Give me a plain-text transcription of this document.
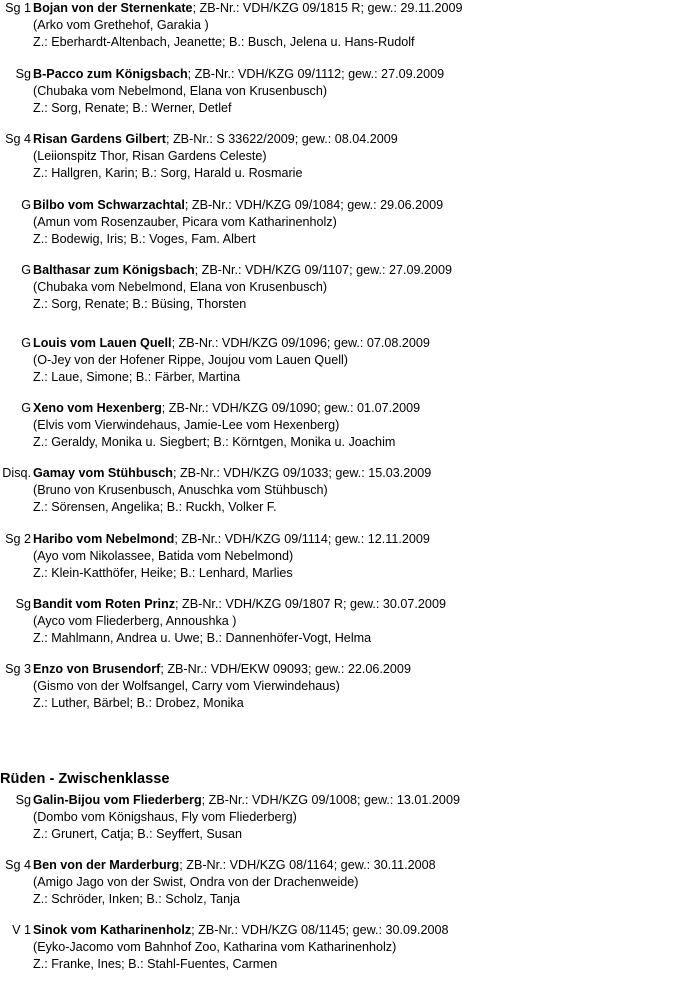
Sg 1 Bojan von der Sternenkate; ZB-Nr.: VDH/KZG 09/1815 R; gew.: 29.11.2009
(Arko vom Grethehof, Garakia )
Z.: Eberhardt-Altenbach, Jeanette; B.: Busch, Jelena u. Hans-Rudolf
Sg B-Pacco zum Königsbach; ZB-Nr.: VDH/KZG 09/1112; gew.: 27.09.2009
(Chubaka vom Nebelmond, Elana von Krusenbusch)
Z.: Sorg, Renate; B.: Werner, Detlef
Sg 4 Risan Gardens Gilbert; ZB-Nr.: S 33622/2009; gew.: 08.04.2009
(Leiionspitz Thor, Risan Gardens Celeste)
Z.: Hallgren, Karin; B.: Sorg, Harald u. Rosmarie
G Bilbo vom Schwarzachtal; ZB-Nr.: VDH/KZG 09/1084; gew.: 29.06.2009
(Amun vom Rosenzauber, Picara vom Katharinenholz)
Z.: Bodewig, Iris; B.: Voges, Fam. Albert
G Balthasar zum Königsbach; ZB-Nr.: VDH/KZG 09/1107; gew.: 27.09.2009
(Chubaka vom Nebelmond, Elana von Krusenbusch)
Z.: Sorg, Renate; B.: Büsing, Thorsten
G Louis vom Lauen Quell; ZB-Nr.: VDH/KZG 09/1096; gew.: 07.08.2009
(O-Jey von der Hofener Rippe, Joujou vom Lauen Quell)
Z.: Laue, Simone; B.: Färber, Martina
G Xeno vom Hexenberg; ZB-Nr.: VDH/KZG 09/1090; gew.: 01.07.2009
(Elvis vom Vierwindehaus, Jamie-Lee vom Hexenberg)
Z.: Geraldy, Monika u. Siegbert; B.: Körntgen, Monika u. Joachim
Disq. Gamay vom Stühbusch; ZB-Nr.: VDH/KZG 09/1033; gew.: 15.03.2009
(Bruno von Krusenbusch, Anuschka vom Stühbusch)
Z.: Sörensen, Angelika; B.: Ruckh, Volker F.
Sg 2 Haribo vom Nebelmond; ZB-Nr.: VDH/KZG 09/1114; gew.: 12.11.2009
(Ayo vom Nikolassee, Batida vom Nebelmond)
Z.: Klein-Katthöfer, Heike; B.: Lenhard, Marlies
Sg Bandit vom Roten Prinz; ZB-Nr.: VDH/KZG 09/1807 R; gew.: 30.07.2009
(Ayco vom Fliederberg, Annoushka )
Z.: Mahlmann, Andrea u. Uwe; B.: Dannenhöfer-Vogt, Helma
Sg 3 Enzo von Brusendorf; ZB-Nr.: VDH/EKW 09093; gew.: 22.06.2009
(Gismo von der Wolfsangel, Carry vom Vierwindehaus)
Z.: Luther, Bärbel; B.: Drobez, Monika
Rüden - Zwischenklasse
Sg Galin-Bijou vom Fliederberg; ZB-Nr.: VDH/KZG 09/1008; gew.: 13.01.2009
(Dombo vom Königshaus, Fly vom Fliederberg)
Z.: Grunert, Catja; B.: Seyffert, Susan
Sg 4 Ben von der Marderburg; ZB-Nr.: VDH/KZG 08/1164; gew.: 30.11.2008
(Amigo Jago von der Swist, Ondra von der Drachenweide)
Z.: Schröder, Inken; B.: Scholz, Tanja
V 1 Sinok vom Katharinenholz; ZB-Nr.: VDH/KZG 08/1145; gew.: 30.09.2008
(Eyko-Jacomo vom Bahnhof Zoo, Katharina vom Katharinenholz)
Z.: Franke, Ines; B.: Stahl-Fuentes, Carmen
